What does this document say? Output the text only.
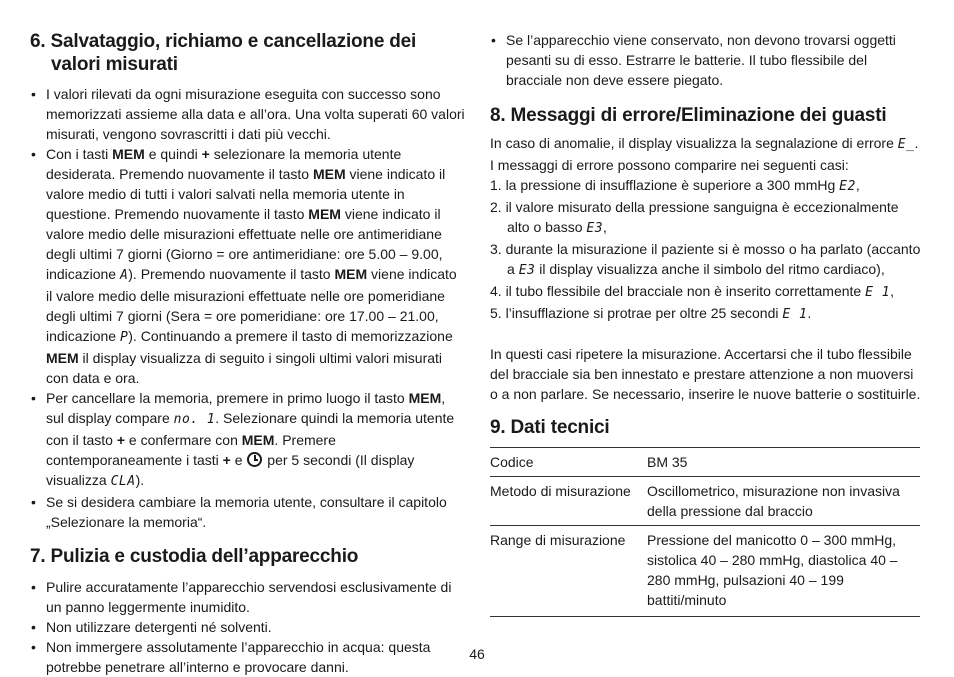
6. Salvataggio, richiamo e cancellazione dei valori misurati
• I valori rilevati da ogni misurazione eseguita con successo sono memorizzati assieme alla data e all’ora. Una volta superati 60 valori misurati, vengono sovrascritti i dati più vecchi.
• Con i tasti MEM e quindi + selezionare la memoria utente desiderata. Premendo nuovamente il tasto MEM viene indicato il valore medio di tutti i valori salvati nella memoria utente in questione. Premendo nuovamente il tasto MEM viene indicato il valore medio delle misurazioni effettuate nelle ore antimeridiane degli ultimi 7 giorni (Giorno = ore antimeridiane: ore 5.00 – 9.00, indicazione A). Premendo nuovamente il tasto MEM viene indicato il valore medio delle misurazioni effettuate nelle ore pomeridiane degli ultimi 7 giorni (Sera = ore pomeridiane: ore 17.00 – 21.00, indicazione P). Continuando a premere il tasto di memorizzazione MEM il display visualizza di seguito i singoli ultimi valori misurati con data e ora.
• Per cancellare la memoria, premere in primo luogo il tasto MEM, sul display compare no. 1. Selezionare quindi la memoria utente con il tasto + e confermare con MEM. Premere contemporaneamente i tasti + e  per 5 secondi (Il display visualizza CLA).
• Se si desidera cambiare la memoria utente, consultare il capitolo „Selezionare la memoria“.
7. Pulizia e custodia dell’apparecchio
• Pulire accuratamente l’apparecchio servendosi esclusivamente di un panno leggermente inumidito.
• Non utilizzare detergenti né solventi.
• Non immergere assolutamente l’apparecchio in acqua: questa potrebbe penetrare all’interno e provocare danni.
• Se l’apparecchio viene conservato, non devono trovarsi oggetti pesanti su di esso. Estrarre le batterie. Il tubo flessibile del bracciale non deve essere piegato.
8. Messaggi di errore/Eliminazione dei guasti

In caso di anomalie, il display visualizza la segnalazione di errore E_.

I messaggi di errore possono comparire nei seguenti casi:

1. la pressione di insufflazione è superiore a 300 mmHg E2,

2. il valore misurato della pressione sanguigna è eccezionalmente alto o basso E3,

3. durante la misurazione il paziente si è mosso o ha parlato (accanto a E3 il display visualizza anche il simbolo del ritmo cardiaco),

4. il tubo flessibile del bracciale non è inserito correttamente E 1,

5. l’insufflazione si protrae per oltre 25 secondi E 1.

In questi casi ripetere la misurazione. Accertarsi che il tubo flessibile del bracciale sia ben innestato e prestare attenzione a non muoversi o a non parlare. Se necessario, inserire le nuove batterie o sostituirle.

9. Dati tecnici
Codice	BM 35
Metodo di misurazione	Oscillometrico, misurazione non invasiva della pressione dal braccio
Range di misurazione	Pressione del manicotto 0 – 300 mmHg, sistolica 40 – 280 mmHg, diastolica 40 – 280 mmHg, pulsazioni 40 – 199 battiti/minuto
46
